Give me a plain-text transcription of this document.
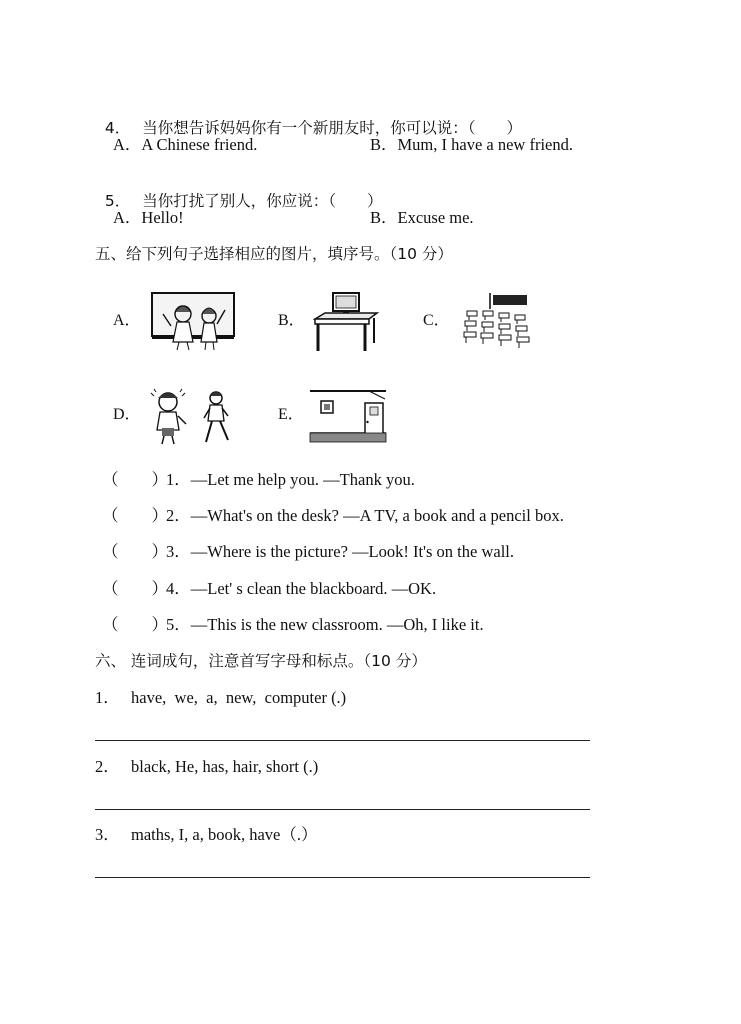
4． 当你想告诉妈妈你有一个新朋友时，你可以说：（　　）

A．A Chinese friend.	B．Mum, I have a new friend.

5． 当你打扰了别人，你应说：（　　）

A．Hello!	B．Excuse me.
五、给下列句子选择相应的图片，填序号。（10 分）
A．	B．	C．
D．	E．
（　　）
1．—Let me help you. —Thank you.
（　　）
2．—What's on the desk? —A TV, a book and a pencil box.
（　　）
3．—Where is the picture? —Look! It's on the wall.
（　　）
4．—Let' s clean the blackboard. —OK.
（　　）
5．—This is the new classroom. —Oh, I like it.
六、 连词成句，注意首写字母和标点。（10 分）
1． have,  we,  a,  new,  computer (.)
2． black, He, has, hair, short (.)
3． maths, I, a, book, have（.）
